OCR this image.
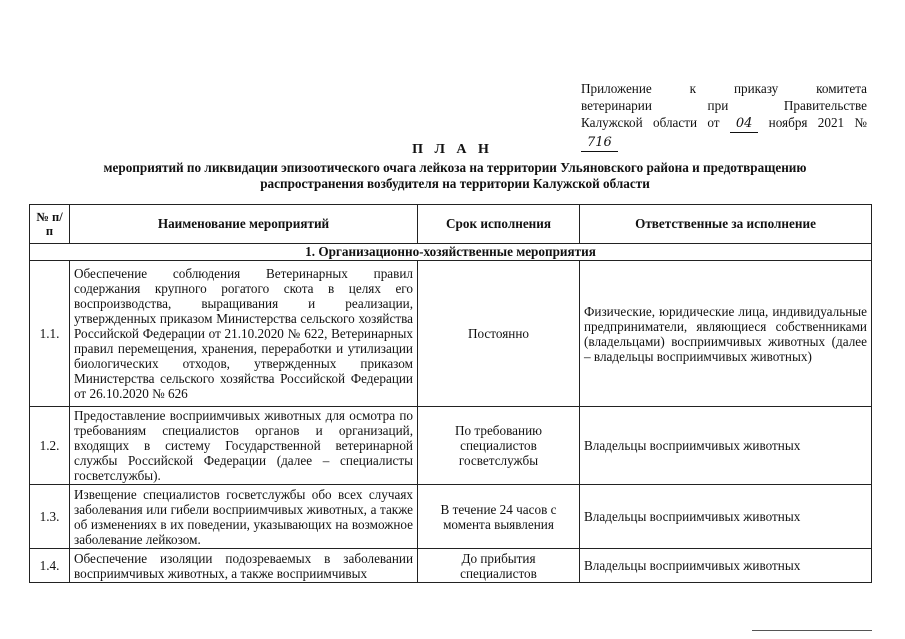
Приложение к приказу комитета
ветеринарии при Правительстве
Калужской области от 04 ноября 2021 №
716
П Л А Н
мероприятий по ликвидации эпизоотического очага лейкоза на территории Ульяновского района и предотвращению распространения возбудителя на территории Калужской области
№ п/п	Наименование мероприятий	Срок исполнения	Ответственные за исполнение
1. Организационно-хозяйственные мероприятия			
1.1.	Обеспечение соблюдения Ветеринарных правил содержания крупного рогатого скота в целях его воспроизводства, выращивания и реализации, утвержденных приказом Министерства сельского хозяйства Российской Федерации от 21.10.2020 № 622, Ветеринарных правил перемещения, хранения, переработки и утилизации биологических отходов, утвержденных приказом Министерства сельского хозяйства Российской Федерации от 26.10.2020 № 626	Постоянно	Физические, юридические лица, индивидуальные предприниматели, являющиеся собственниками (владельцами) восприимчивых животных (далее – владельцы восприимчивых животных)
1.2.	Предоставление восприимчивых животных для осмотра по требованиям специалистов органов и организаций, входящих в систему Государственной ветеринарной службы Российской Федерации (далее – специалисты госветслужбы).	По требованию специалистов госветслужбы	Владельцы восприимчивых животных
1.3.	Извещение специалистов госветслужбы обо всех случаях заболевания или гибели восприимчивых животных, а также об изменениях в их поведении, указывающих на возможное заболевание лейкозом.	В течение 24 часов с момента выявления	Владельцы восприимчивых животных
1.4.	Обеспечение изоляции подозреваемых в заболевании восприимчивых животных, а также восприимчивых	До прибытия специалистов	Владельцы восприимчивых животных
